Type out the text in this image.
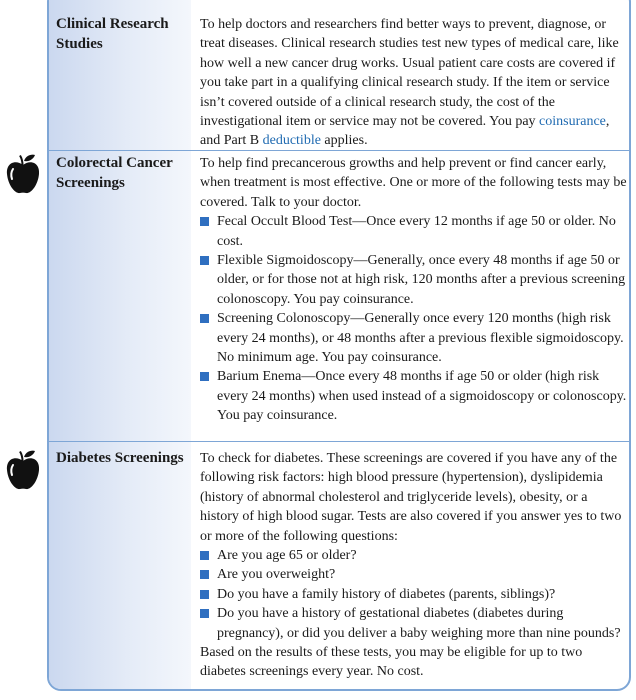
Clinical Research Studies

To help doctors and researchers find better ways to prevent, diagnose, or treat diseases. Clinical research studies test new types of medical care, like how well a new cancer drug works. Usual patient care costs are covered if you take part in a qualifying clinical research study. If the item or service isn’t covered outside of a clinical research study, the cost of the investigational item or service may not be covered. You pay coinsurance, and Part B deductible applies.

Colorectal Cancer Screenings

To help find precancerous growths and help prevent or find cancer early, when treatment is most effective. One or more of the following tests may be covered. Talk to your doctor.

Fecal Occult Blood Test—Once every 12 months if age 50 or older. No cost.
Flexible Sigmoidoscopy—Generally, once every 48 months if age 50 or older, or for those not at high risk, 120 months after a previous screening colonoscopy. You pay coinsurance.
Screening Colonoscopy—Generally once every 120 months (high risk every 24 months), or 48 months after a previous flexible sigmoidoscopy. No minimum age. You pay coinsurance.
Barium Enema—Once every 48 months if age 50 or older (high risk every 24 months) when used instead of a sigmoidoscopy or colonoscopy. You pay coinsurance.
Diabetes Screenings	To check for diabetes. These screenings are covered if you have any of the following risk factors: high blood pressure (hypertension), dyslipidemia (history of abnormal cholesterol and triglyceride levels), obesity, or a history of high blood sugar. Tests are also covered if you answer yes to two or more of the following questions:

Are you age 65 or older?
Are you overweight?
Do you have a family history of diabetes (parents, siblings)?
Do you have a history of gestational diabetes (diabetes during pregnancy), or did you deliver a baby weighing more than nine pounds?

Based on the results of these tests, you may be eligible for up to two diabetes screenings every year. No cost.
